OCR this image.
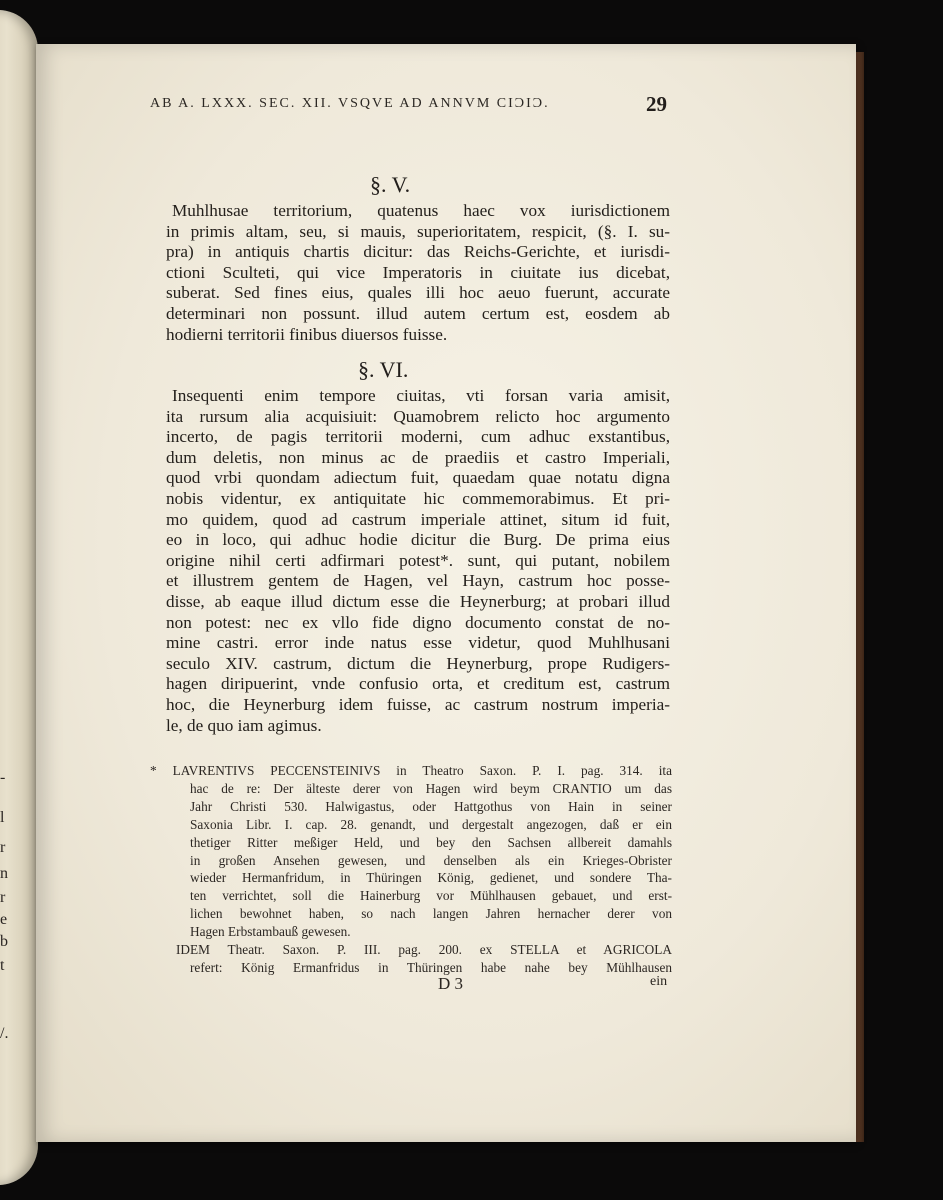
-
l
r
n
r
e
b
t
/.
AB A. LXXX. SEC. XII. VSQVE AD ANNVM CIϽIϽ.	29
§. V.
Muhlhusae territorium, quatenus haec vox iurisdictionem
in primis altam, seu, si mauis, superioritatem, respicit, (§. I. su-
pra) in antiquis chartis dicitur: das Reichs-Gerichte, et iurisdi-
ctioni Sculteti, qui vice Imperatoris in ciuitate ius dicebat,
suberat. Sed fines eius, quales illi hoc aeuo fuerunt, accurate
determinari non possunt. illud autem certum est, eosdem ab
hodierni territorii finibus diuersos fuisse.
§. VI.
Insequenti enim tempore ciuitas, vti forsan varia amisit,
ita rursum alia acquisiuit: Quamobrem relicto hoc argumento
incerto, de pagis territorii moderni, cum adhuc exstantibus,
dum deletis, non minus ac de praediis et castro Imperiali,
quod vrbi quondam adiectum fuit, quaedam quae notatu digna
nobis videntur, ex antiquitate hic commemorabimus. Et pri-
mo quidem, quod ad castrum imperiale attinet, situm id fuit,
eo in loco, qui adhuc hodie dicitur die Burg. De prima eius
origine nihil certi adfirmari potest*. sunt, qui putant, nobilem
et illustrem gentem de Hagen, vel Hayn, castrum hoc posse-
disse, ab eaque illud dictum esse die Heynerburg; at probari illud
non potest: nec ex vllo fide digno documento constat de no-
mine castri. error inde natus esse videtur, quod Muhlhusani
seculo XIV. castrum, dictum die Heynerburg, prope Rudigers-
hagen diripuerint, vnde confusio orta, et creditum est, castrum
hoc, die Heynerburg idem fuisse, ac castrum nostrum imperia-
le, de quo iam agimus.
* LAVRENTIVS PECCENSTEINIVS in Theatro Saxon. P. I. pag. 314. ita
hac de re: Der älteste derer von Hagen wird beym CRANTIO um das
Jahr Christi 530. Halwigastus, oder Hattgothus von Hain in seiner
Saxonia Libr. I. cap. 28. genandt, und dergestalt angezogen, daß er ein
thetiger Ritter meßiger Held, und bey den Sachsen allbereit damahls
in großen Ansehen gewesen, und denselben als ein Krieges-Obrister
wieder Hermanfridum, in Thüringen König, gedienet, und sondere Tha-
ten verrichtet, soll die Hainerburg vor Mühlhausen gebauet, und erst-
lichen bewohnet haben, so nach langen Jahren hernacher derer von
Hagen Erbstambauß gewesen.
IDEM Theatr. Saxon. P. III. pag. 200. ex STELLA et AGRICOLA
refert: König Ermanfridus in Thüringen habe nahe bey Mühlhausen
D 3	ein
